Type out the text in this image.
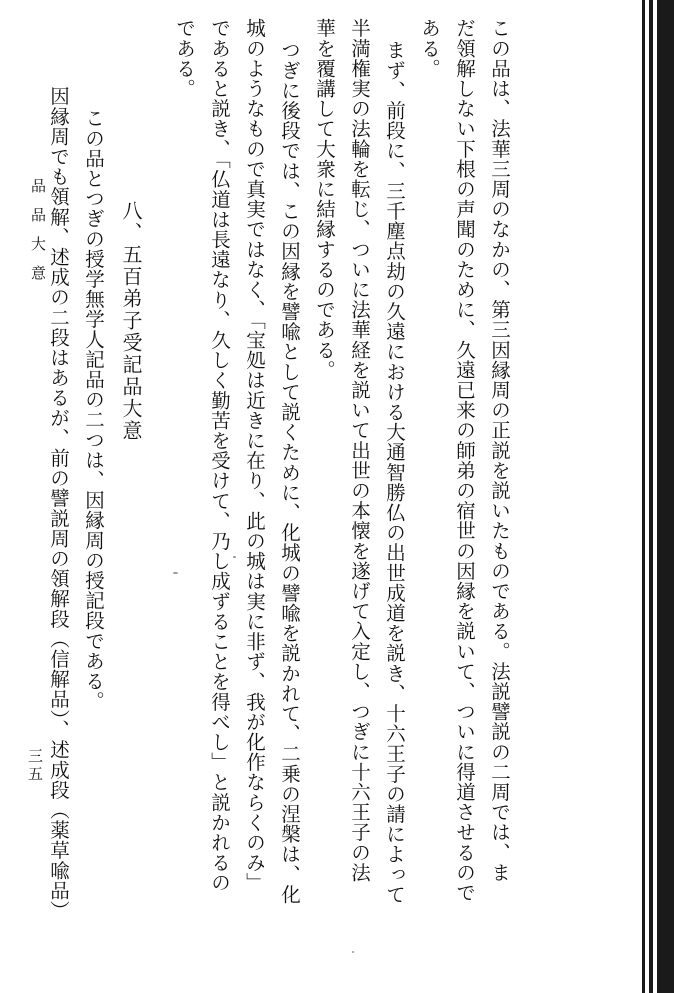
この品は、法華三周のなかの、第三因縁周の正説を説いたものである。法説譬説の二周では、ま
だ領解しない下根の声聞のために、久遠已来の師弟の宿世の因縁を説いて、ついに得道させるので
ある。
まず、前段に、三千塵点劫の久遠における大通智勝仏の出世成道を説き、十六王子の請によって
半満権実の法輪を転じ、ついに法華経を説いて出世の本懐を遂げて入定し、つぎに十六王子の法
華を覆講して大衆に結縁するのである。
つぎに後段では、この因縁を譬喩として説くために、化城の譬喩を説かれて、二乗の涅槃は、化
城のようなもので真実ではなく、「宝処は近きに在り、此の城は実に非ず、我が化作ならくのみ」
であると説き、「仏道は長遠なり、久しく勤苦を受けて、乃し成ずることを得べし」と説かれるの
である。
八、五百弟子受記品大意
この品とつぎの授学無学人記品の二つは、因縁周の授記段である。
因縁周でも領解、述成の二段はあるが、前の譬説周の領解段（信解品）、述成段（薬草喩品）
品品大意
三五
